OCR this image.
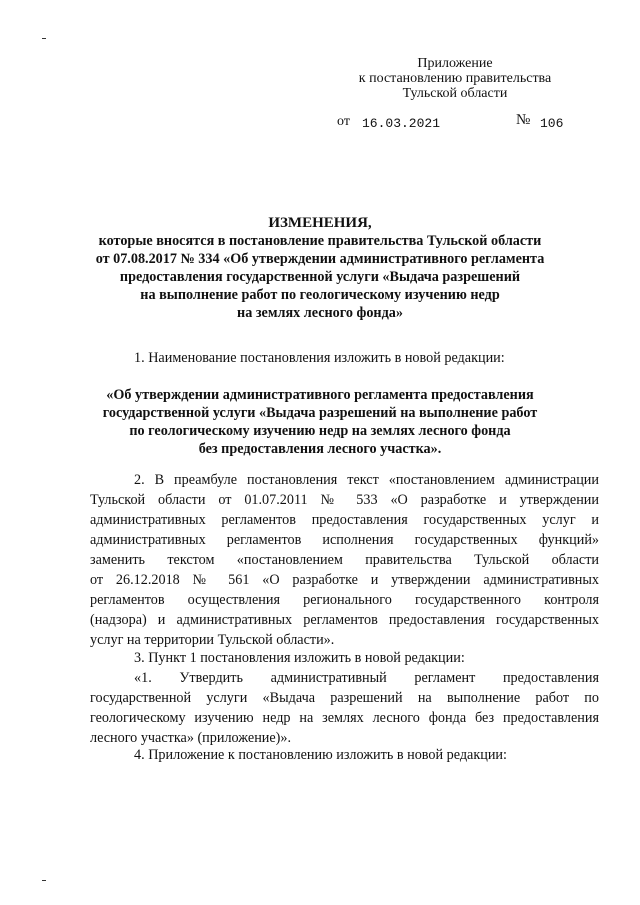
Приложение
к постановлению правительства
Тульской области
от 16.03.2021	№ 106
ИЗМЕНЕНИЯ,
которые вносятся в постановление правительства Тульской области
от 07.08.2017 № 334 «Об утверждении административного регламента
предоставления государственной услуги «Выдача разрешений
на выполнение работ по геологическому изучению недр
на землях лесного фонда»
1. Наименование постановления изложить в новой редакции:
«Об утверждении административного регламента предоставления
государственной услуги «Выдача разрешений на выполнение работ
по геологическому изучению недр на землях лесного фонда
без предоставления лесного участка».
2. В преамбуле постановления текст «постановлением администрации
Тульской области от 01.07.2011 № 533 «О разработке и утверждении
административных регламентов предоставления государственных услуг и
административных регламентов исполнения государственных функций»
заменить текстом «постановлением правительства Тульской области
от 26.12.2018 № 561 «О разработке и утверждении административных
регламентов осуществления регионального государственного контроля
(надзора) и административных регламентов предоставления государственных
услуг на территории Тульской области».
3. Пункт 1 постановления изложить в новой редакции:
«1. Утвердить административный регламент предоставления
государственной услуги «Выдача разрешений на выполнение работ по
геологическому изучению недр на землях лесного фонда без предоставления
лесного участка» (приложение)».
4. Приложение к постановлению изложить в новой редакции:
